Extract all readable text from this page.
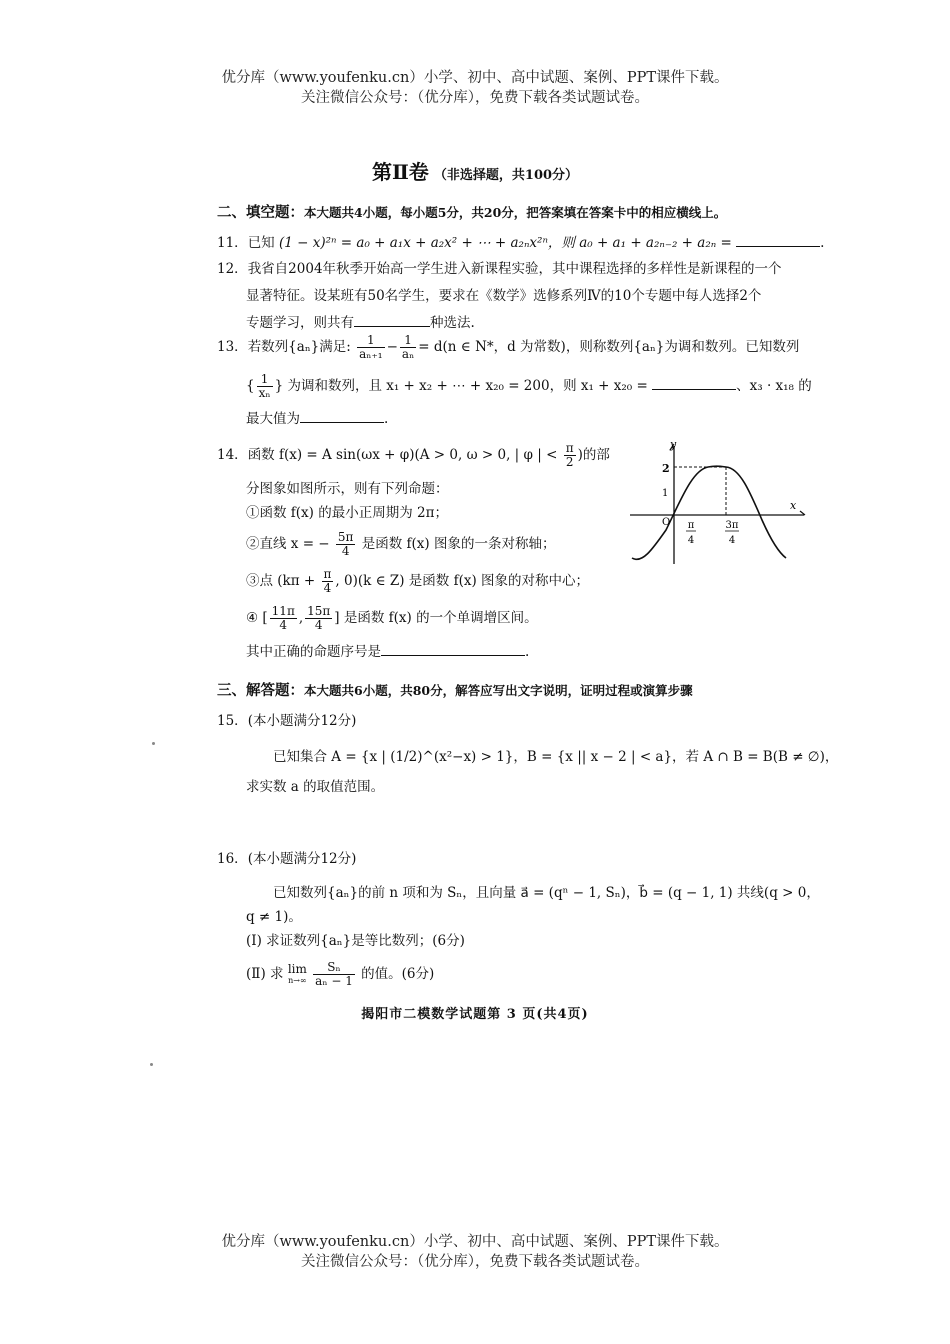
优分库（www.youfenku.cn）小学、初中、高中试题、案例、PPT课件下载。
关注微信公众号：（优分库），免费下载各类试题试卷。
第Ⅱ卷 （非选择题，共100分）
二、填空题：本大题共4小题，每小题5分，共20分，把答案填在答案卡中的相应横线上。
11．已知 (1 − x)²ⁿ = a₀ + a₁x + a₂x² + ⋯ + a₂ₙx²ⁿ，则 a₀ + a₁ + a₂ₙ₋₂ + a₂ₙ =	.
12．我省自2004年秋季开始高一学生进入新课程实验，其中课程选择的多样性是新课程的一个
显著特征。设某班有50名学生，要求在《数学》选修系列Ⅳ的10个专题中每人选择2个
专题学习，则共有	种选法.
13．若数列{aₙ}满足: $\frac{1}{\text{aₙ₊₁}} - \frac{1}{\text{aₙ}} = d(n$ ∈ N*，d 为常数)，则称数列{aₙ}为调和数列。已知数列
{ $\frac{1}{\text{xₙ}}$ } 为调和数列，且 x₁ + x₂ + ⋯ + x₂₀ = 200，则 x₁ + x₂₀ =	、x₃ · x₁₈ 的
最大值为	.
14．函数 f(x) = A sin(ωx + φ)(A > 0, ω > 0, | φ | < $\frac{\pi}{2}$ )的部
分图象如图所示，则有下列命题：
①函数 f(x) 的最小正周期为 2π；
②直线 x = − $\frac{5\pi}{4}$ 是函数 f(x) 图象的一条对称轴；
③点 ($k\pi + \frac{\pi}{4}$ , 0)(k ∈ Z) 是函数 f(x) 图象的对称中心；
④ [ $\frac{11\pi}{4}$ , $\frac{15\pi}{4}$ ] 是函数 f(x) 的一个单调增区间。
其中正确的命题序号是	.
y
x
2
1
O π
4
3π
4
三、解答题：本大题共6小题，共80分，解答应写出文字说明，证明过程或演算步骤
15．(本小题满分12分)
已知集合 A = {x | (1/2)^(x²−x) > 1}，B = {x || x − 2 | < a}，若 A ∩ B = B(B ≠ ∅)，
求实数 a 的取值范围。
16．(本小题满分12分)
已知数列{aₙ}的前 n 项和为 Sₙ，且向量 a⃗ = (qⁿ − 1, Sₙ)，b⃗ = (q − 1, 1) 共线(q > 0，
q ≠ 1)。
(Ⅰ) 求证数列{aₙ}是等比数列；(6分)
(Ⅱ) 求 lim
n→∞
$\frac{\text{Sₙ}}{\text{aₙ − 1}}$ 的值。(6分)
揭阳市二模数学试题第 3 页(共4页)
优分库（www.youfenku.cn）小学、初中、高中试题、案例、PPT课件下载。
关注微信公众号：（优分库），免费下载各类试题试卷。
